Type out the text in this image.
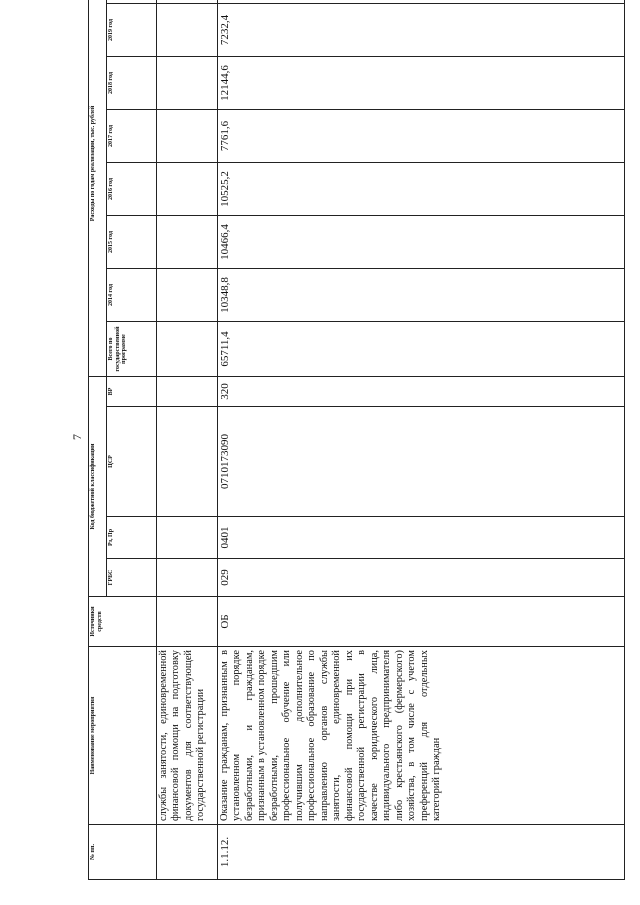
7
№ пп.	Наименование мероприятия	Источники средств	Код бюджетной классификации				Расходы по годам реализации, тыс. рублей							
			ГРБС	Рз, Пр	ЦСР	ВР	Всего по государственной программе	2014 год	2015 год	2016 год	2017 год	2018 год	2019 год	
	службы занятости, единовременной финансовой помощи на подготовку документов для соответствующей государственной регистрации													
1.1.12.	Оказание гражданам, признанным в установленном порядке безработными, и гражданам, признанным в установленном порядке безработными, прошедшим профессиональное обучение или получившим дополнительное профессиональное образование по направлению органов службы занятости, единовременной финансовой помощи при их государственной регистрации в качестве юридического лица, индивидуального предпринимателя либо крестьянского (фермерского) хозяйства, в том числе с учетом преференций для отдельных категорий граждан	ОБ	029	0401	0710173090	320	65711,4	10348,8	10466,4	10525,2	7761,6	12144,6	7232,4	
